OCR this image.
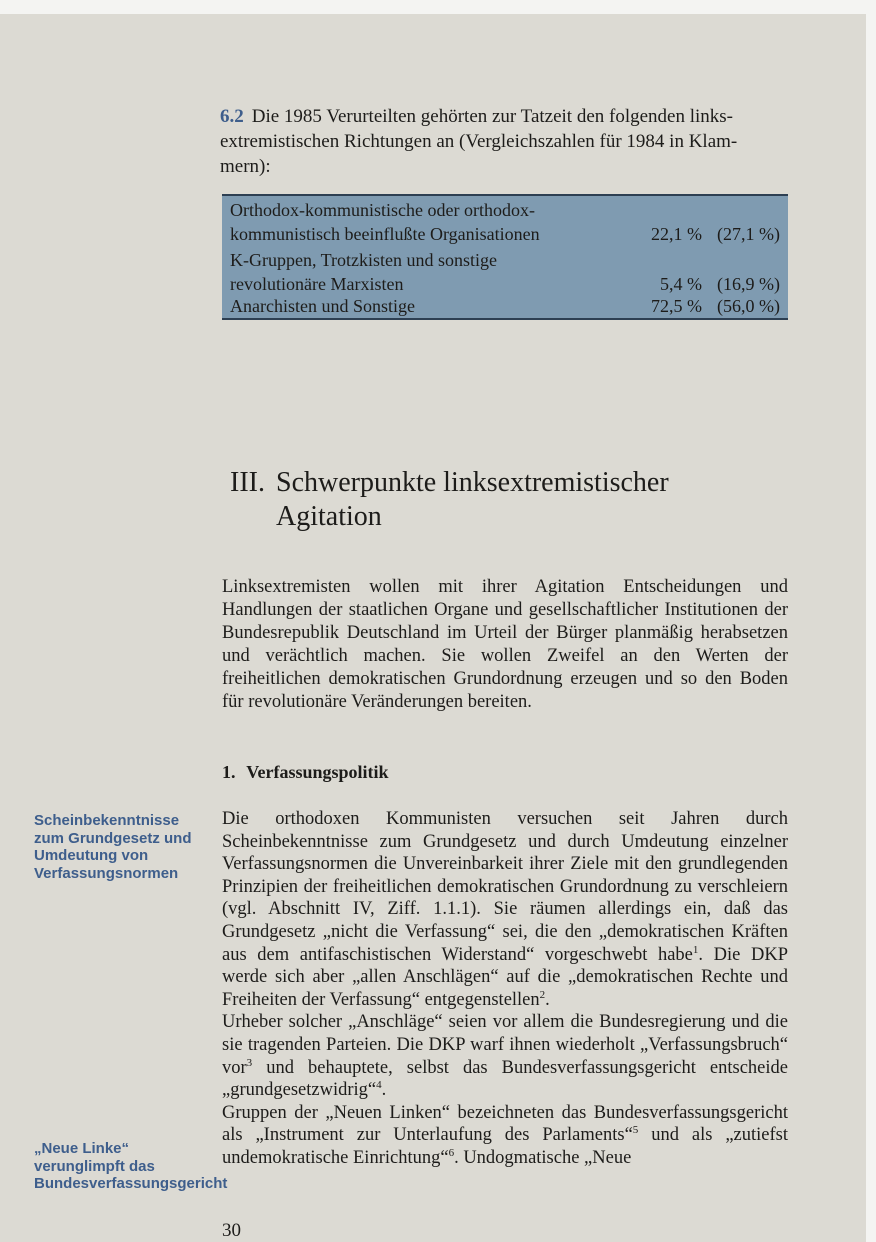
6.2 Die 1985 Verurteilten gehörten zur Tatzeit den folgenden links-
extremistischen Richtungen an (Vergleichszahlen für 1984 in Klam-
mern):
Orthodox-kommunistische oder orthodox-
kommunistisch beeinflußte Organisationen	22,1 % (27,1 %)
K-Gruppen, Trotzkisten und sonstige
revolutionäre Marxisten	5,4 % (16,9 %)
Anarchisten und Sonstige	72,5 % (56,0 %)
III. Schwerpunkte linksextremistischer
Agitation
Linksextremisten wollen mit ihrer Agitation Entscheidungen und Handlungen der staatlichen Organe und gesellschaftlicher Institutionen der Bundesrepublik Deutschland im Urteil der Bürger planmäßig herabsetzen und verächtlich machen. Sie wollen Zweifel an den Werten der freiheitlichen demokratischen Grundordnung erzeugen und so den Boden für revolutionäre Veränderungen bereiten.
1. Verfassungspolitik
Scheinbekenntnisse zum Grundgesetz und Umdeutung von Verfassungsnormen
„Neue Linke“ verunglimpft das Bundesverfassungsgericht

Die orthodoxen Kommunisten versuchen seit Jahren durch Scheinbekenntnisse zum Grundgesetz und durch Umdeutung einzelner Verfassungsnormen die Unvereinbarkeit ihrer Ziele mit den grundlegenden Prinzipien der freiheitlichen demokratischen Grundordnung zu verschleiern (vgl. Abschnitt IV, Ziff. 1.1.1). Sie räumen allerdings ein, daß das Grundgesetz „nicht die Verfassung“ sei, die den „demokratischen Kräften aus dem antifaschistischen Widerstand“ vorgeschwebt habe$^1$. Die DKP werde sich aber „allen Anschlägen“ auf die „demokratischen Rechte und Freiheiten der Verfassung“ entgegenstellen$^2$.

Urheber solcher „Anschläge“ seien vor allem die Bundesregierung und die sie tragenden Parteien. Die DKP warf ihnen wiederholt „Verfassungsbruch“ vor$^3$ und behauptete, selbst das Bundesverfassungsgericht entscheide „grundgesetzwidrig“$^4$.

Gruppen der „Neuen Linken“ bezeichneten das Bundesverfassungsgericht als „Instrument zur Unterlaufung des Parlaments“$^5$ und als „zutiefst undemokratische Einrichtung“$^6$. Undogmatische „Neue

30
